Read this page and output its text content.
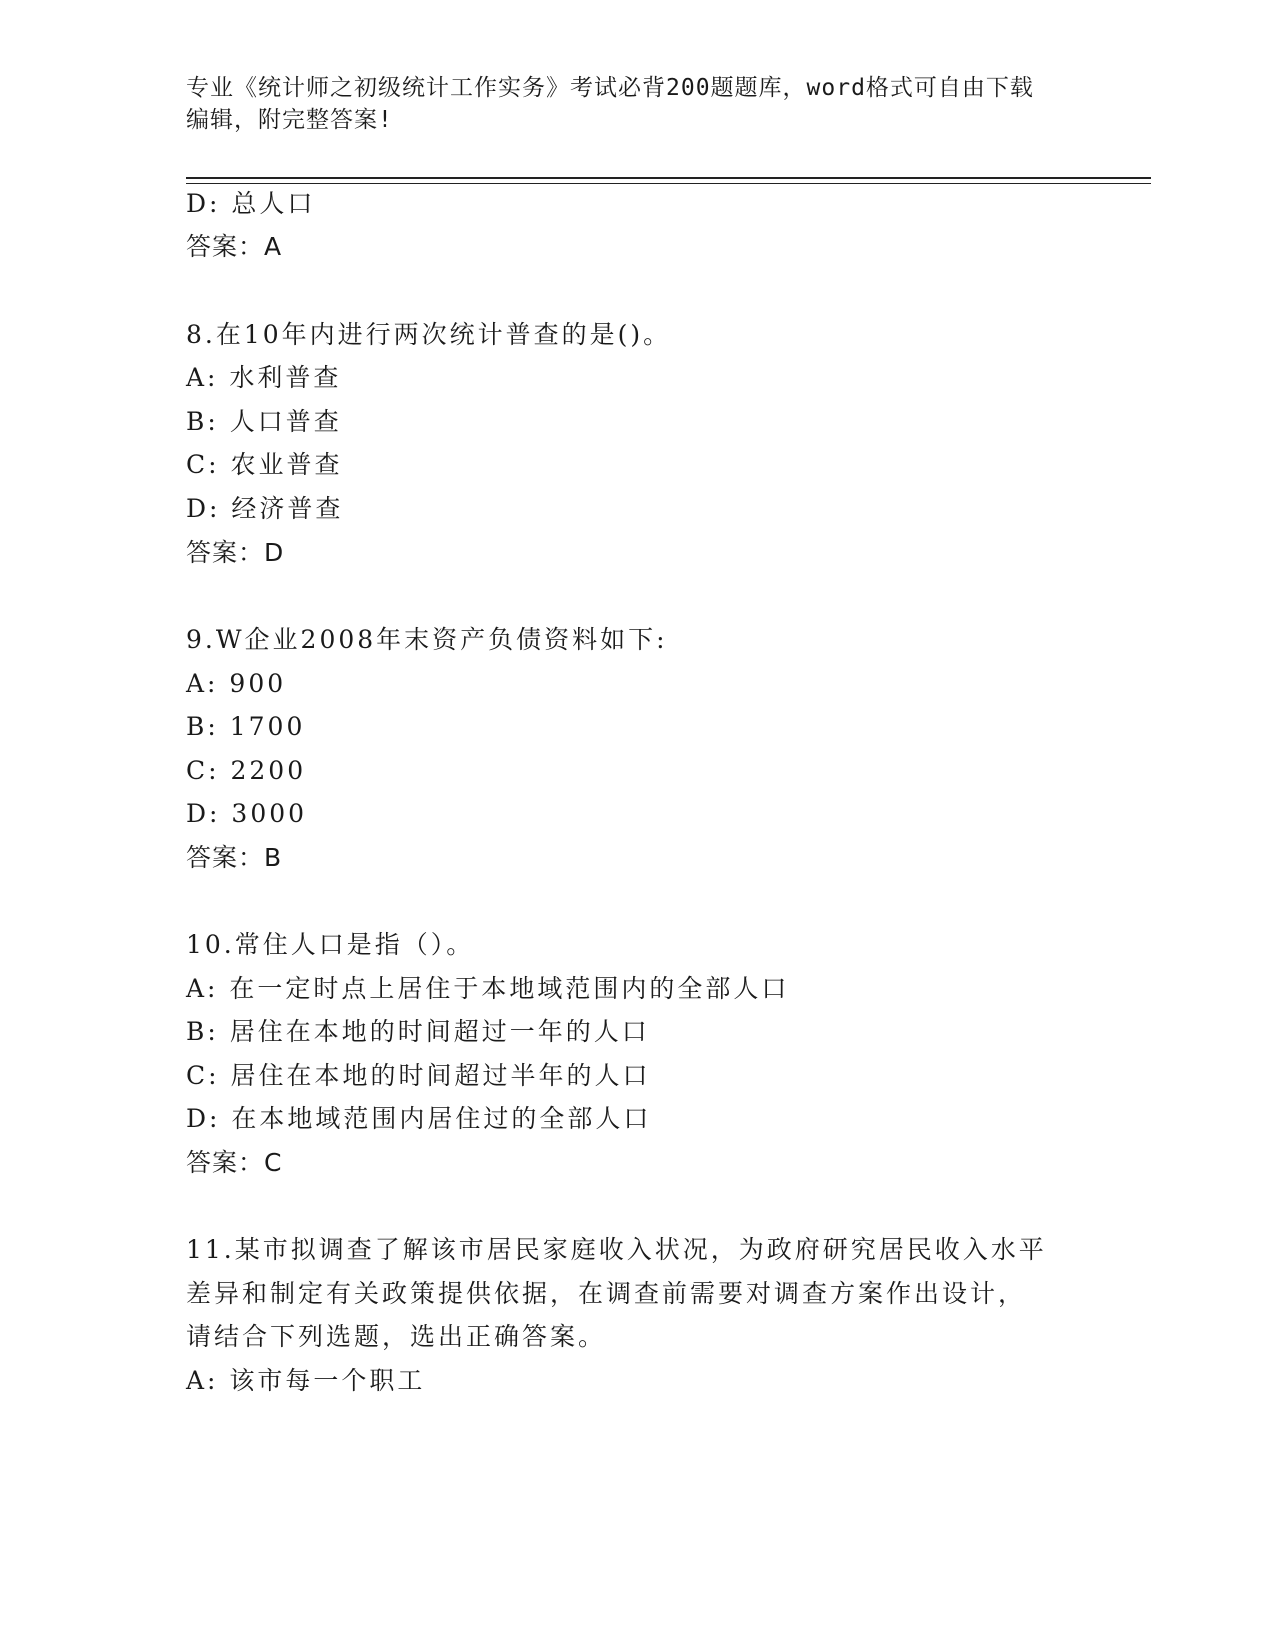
专业《统计师之初级统计工作实务》考试必背200题题库，word格式可自由下载
编辑，附完整答案!
D: 总人口
答案：A
8.在10年内进行两次统计普查的是()。
A: 水利普查
B: 人口普查
C: 农业普查
D: 经济普查
答案：D
9.W企业2008年末资产负债资料如下:
A: 900
B: 1700
C: 2200
D: 3000
答案：B
10.常住人口是指（）。
A: 在一定时点上居住于本地域范围内的全部人口
B: 居住在本地的时间超过一年的人口
C: 居住在本地的时间超过半年的人口
D: 在本地域范围内居住过的全部人口
答案：C
11.某市拟调查了解该市居民家庭收入状况，为政府研究居民收入水平
差异和制定有关政策提供依据，在调查前需要对调查方案作出设计，
请结合下列选题，选出正确答案。
A: 该市每一个职工
